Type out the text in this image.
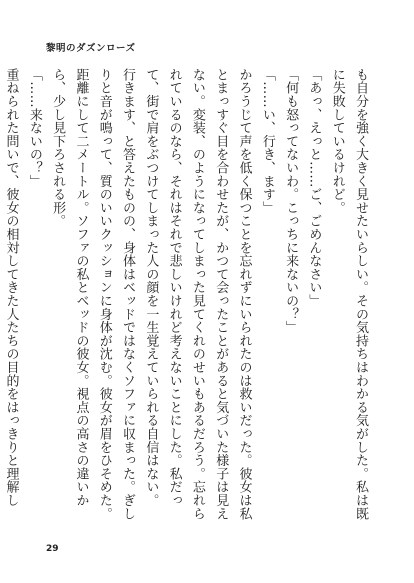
黎明のダズンローズ

も自分を強く大きく見せたいらしい。その気持ちはわかる気がした。私は既に失敗しているけれど。

「あっ、えっと……ご、ごめんなさい」

「何も怒ってないわ。こっちに来ないの？」

「……い、行き、ます」

かろうじて声を低く保つことを忘れずにいられたのは救いだった。彼女は私とまっすぐ目を合わせたが、かつて会ったことがあると気づいた様子は見えない。変装、のようになってしまった見てくれのせいもあるだろう。忘れられているのなら、それはそれで悲しいけれど考えないことにした。私だって、街で肩をぶつけてしまった人の顔を一生覚えていられる自信はない。

行きます、と答えたものの、身体はベッドではなくソファに収まった。ぎしりと音が鳴って、質のいいクッションに身体が沈む。彼女が眉をひそめた。距離にして二メートル。ソファの私とベッドの彼女。視点の高さの違いから、少し見下ろされる形。

「……来ないの？」

重ねられた問いで、彼女の相対してきた人たちの目的をはっきりと理解し

29
